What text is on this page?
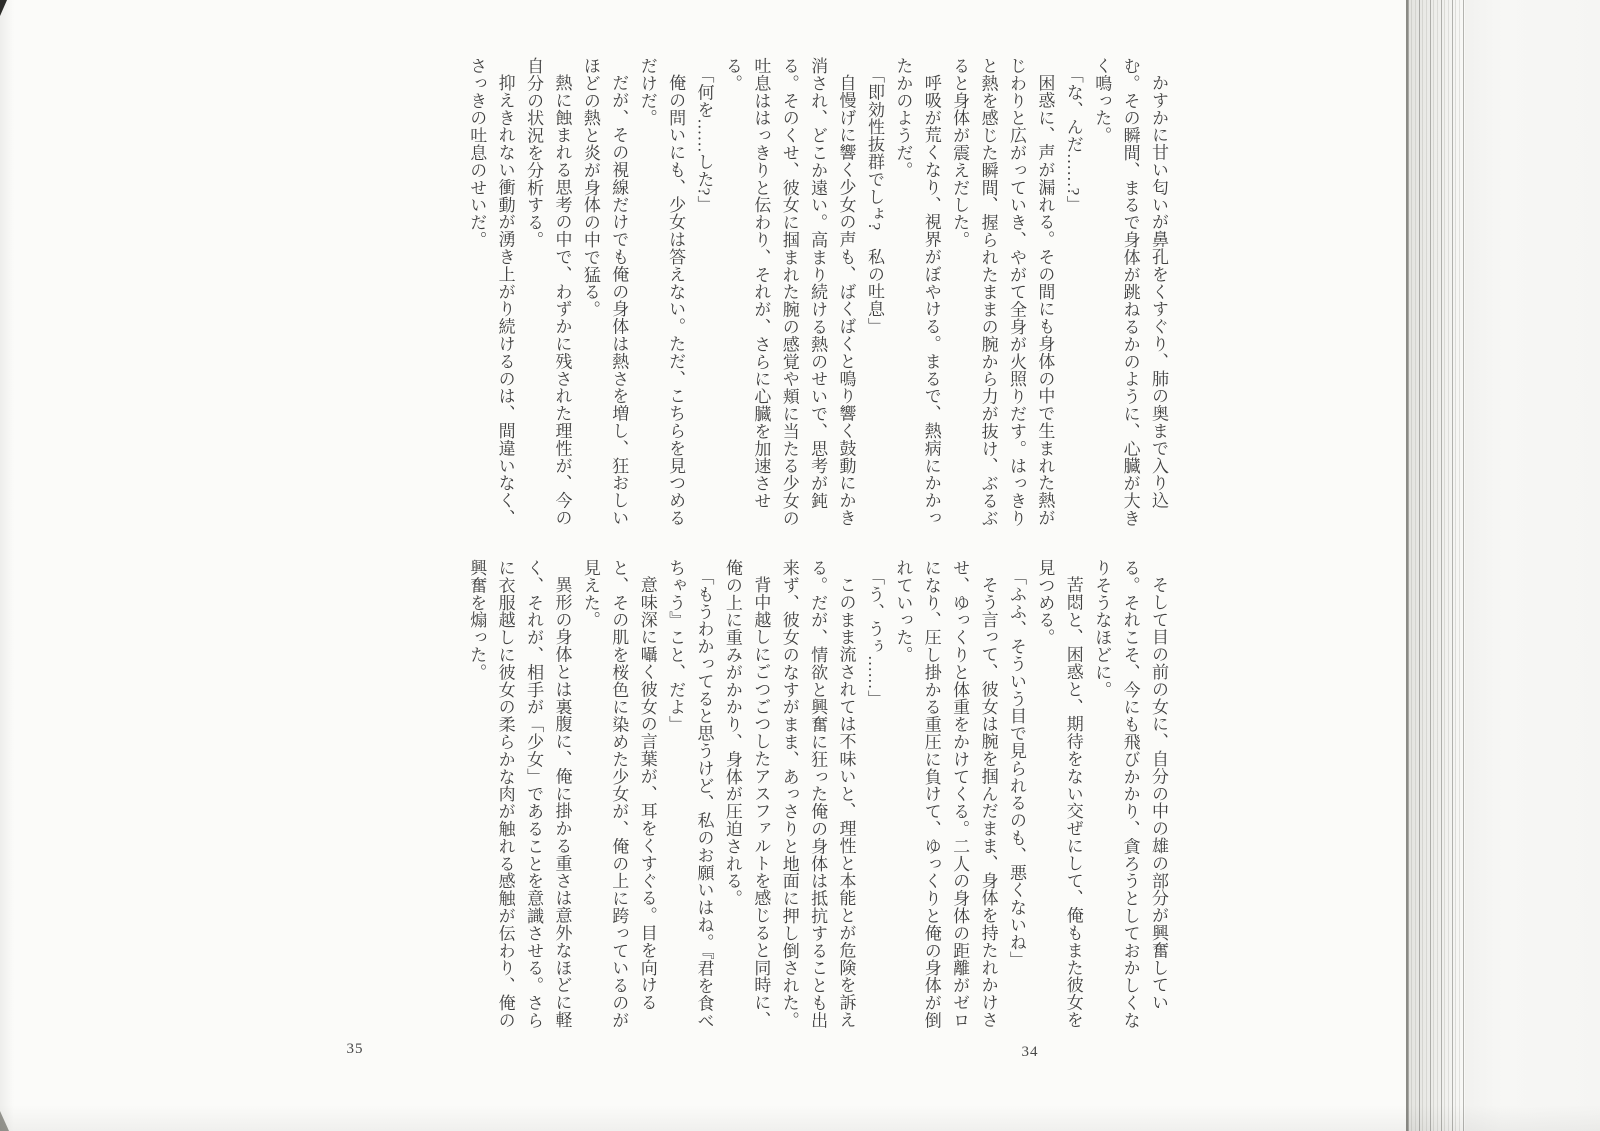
かすかに甘い匂いが鼻孔をくすぐり、肺の奥まで入り込む。その瞬間、まるで身体が跳ねるかのように、心臓が大きく鳴った。

「な、んだ……?」

困惑に、声が漏れる。その間にも身体の中で生まれた熱がじわりと広がっていき、やがて全身が火照りだす。はっきりと熱を感じた瞬間、握られたままの腕から力が抜け、ぶるぶると身体が震えだした。

呼吸が荒くなり、視界がぼやける。まるで、熱病にかかったかのようだ。

「即効性抜群でしょ?　私の吐息」

自慢げに響く少女の声も、ばくばくと鳴り響く鼓動にかき消され、どこか遠い。高まり続ける熱のせいで、思考が鈍る。そのくせ、彼女に掴まれた腕の感覚や頬に当たる少女の吐息ははっきりと伝わり、それが、さらに心臓を加速させる。

「何を……した?」

俺の問いにも、少女は答えない。ただ、こちらを見つめるだけだ。

だが、その視線だけでも俺の身体は熱さを増し、狂おしいほどの熱と炎が身体の中で猛る。

熱に蝕まれる思考の中で、わずかに残された理性が、今の自分の状況を分析する。

抑えきれない衝動が湧き上がり続けるのは、間違いなく、さっきの吐息のせいだ。

そして目の前の女に、自分の中の雄の部分が興奮している。それこそ、今にも飛びかかり、貪ろうとしておかしくなりそうなほどに。

苦悶と、困惑と、期待をない交ぜにして、俺もまた彼女を見つめる。

「ふふ、そういう目で見られるのも、悪くないね」

そう言って、彼女は腕を掴んだまま、身体を持たれかけさせ、ゆっくりと体重をかけてくる。二人の身体の距離がゼロになり、圧し掛かる重圧に負けて、ゆっくりと俺の身体が倒れていった。

「う、うぅ……」

このまま流されては不味いと、理性と本能とが危険を訴える。だが、情欲と興奮に狂った俺の身体は抵抗することも出来ず、彼女のなすがまま、あっさりと地面に押し倒された。

背中越しにごつごつしたアスファルトを感じると同時に、俺の上に重みがかかり、身体が圧迫される。

「もうわかってると思うけど、私のお願いはね。『君を食べちゃう』こと、だよ」

意味深に囁く彼女の言葉が、耳をくすぐる。目を向けると、その肌を桜色に染めた少女が、俺の上に跨っているのが見えた。

異形の身体とは裏腹に、俺に掛かる重さは意外なほどに軽く、それが、相手が「少女」であることを意識させる。さらに衣服越しに彼女の柔らかな肉が触れる感触が伝わり、俺の興奮を煽った。

34

35
